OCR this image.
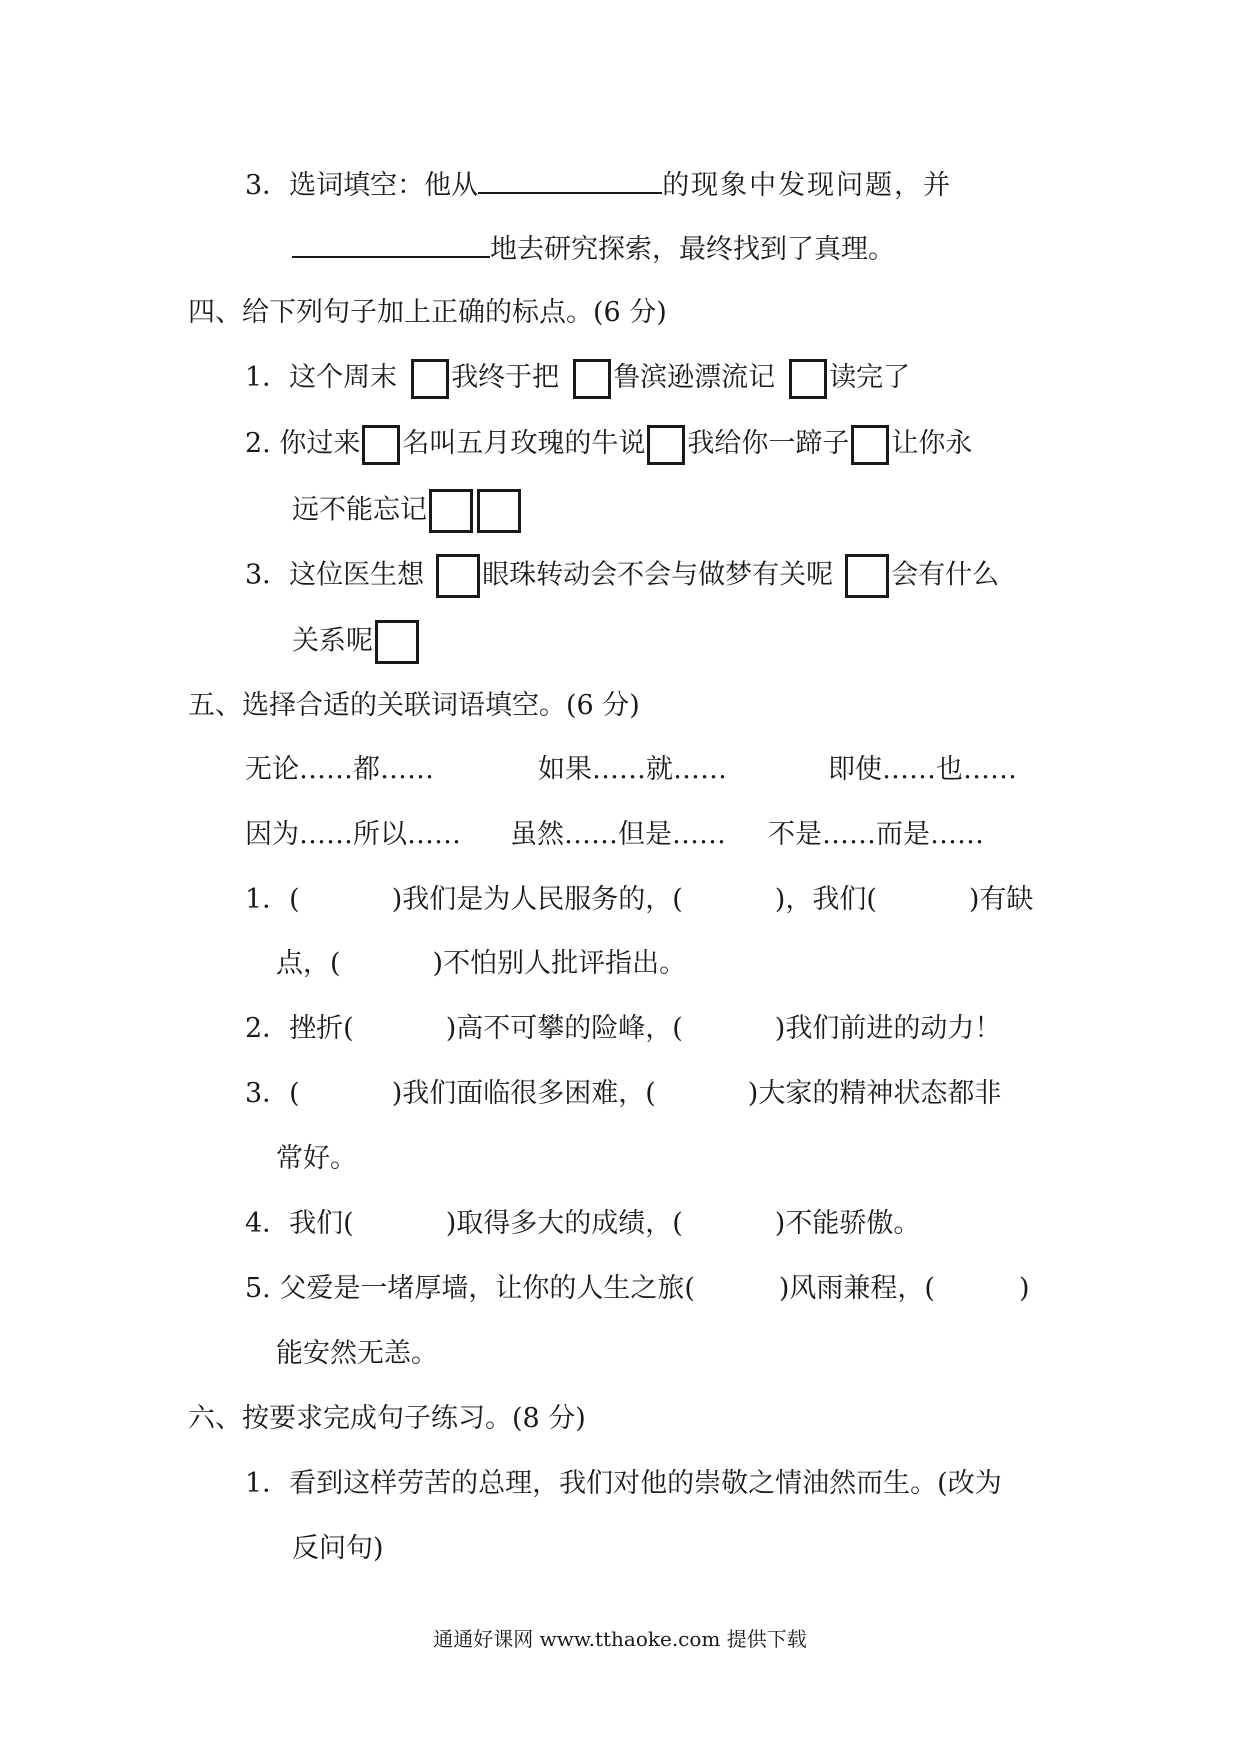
3．选词填空：他从	的现象中发现问题，并
地去研究探索，最终找到了真理。
四、给下列句子加上正确的标点。(6 分)
1．这个周末 我终于把 鲁滨逊漂流记 读完了
2. 你过来 名叫五月玫瑰的牛说 我给你一蹄子 让你永
远不能忘记
3．这位医生想 眼珠转动会不会与做梦有关呢 会有什么
关系呢
五、选择合适的关联词语填空。(6 分)
无论……都……	如果……就……	即使……也……
因为……所以…… 虽然……但是…… 不是……而是……
1．(	)我们是为人民服务的，(	)，我们(	)有缺
点，(	)不怕别人批评指出。
2．挫折(	)高不可攀的险峰，(	)我们前进的动力！
3．(	)我们面临很多困难，(	)大家的精神状态都非
常好。
4．我们(	)取得多大的成绩，(	)不能骄傲。
5. 父爱是一堵厚墙，让你的人生之旅(	)风雨兼程，(	)
能安然无恙。
六、按要求完成句子练习。(8 分)
1．看到这样劳苦的总理，我们对他的崇敬之情油然而生。(改为
反问句)
通通好课网 www.tthaoke.com 提供下载
